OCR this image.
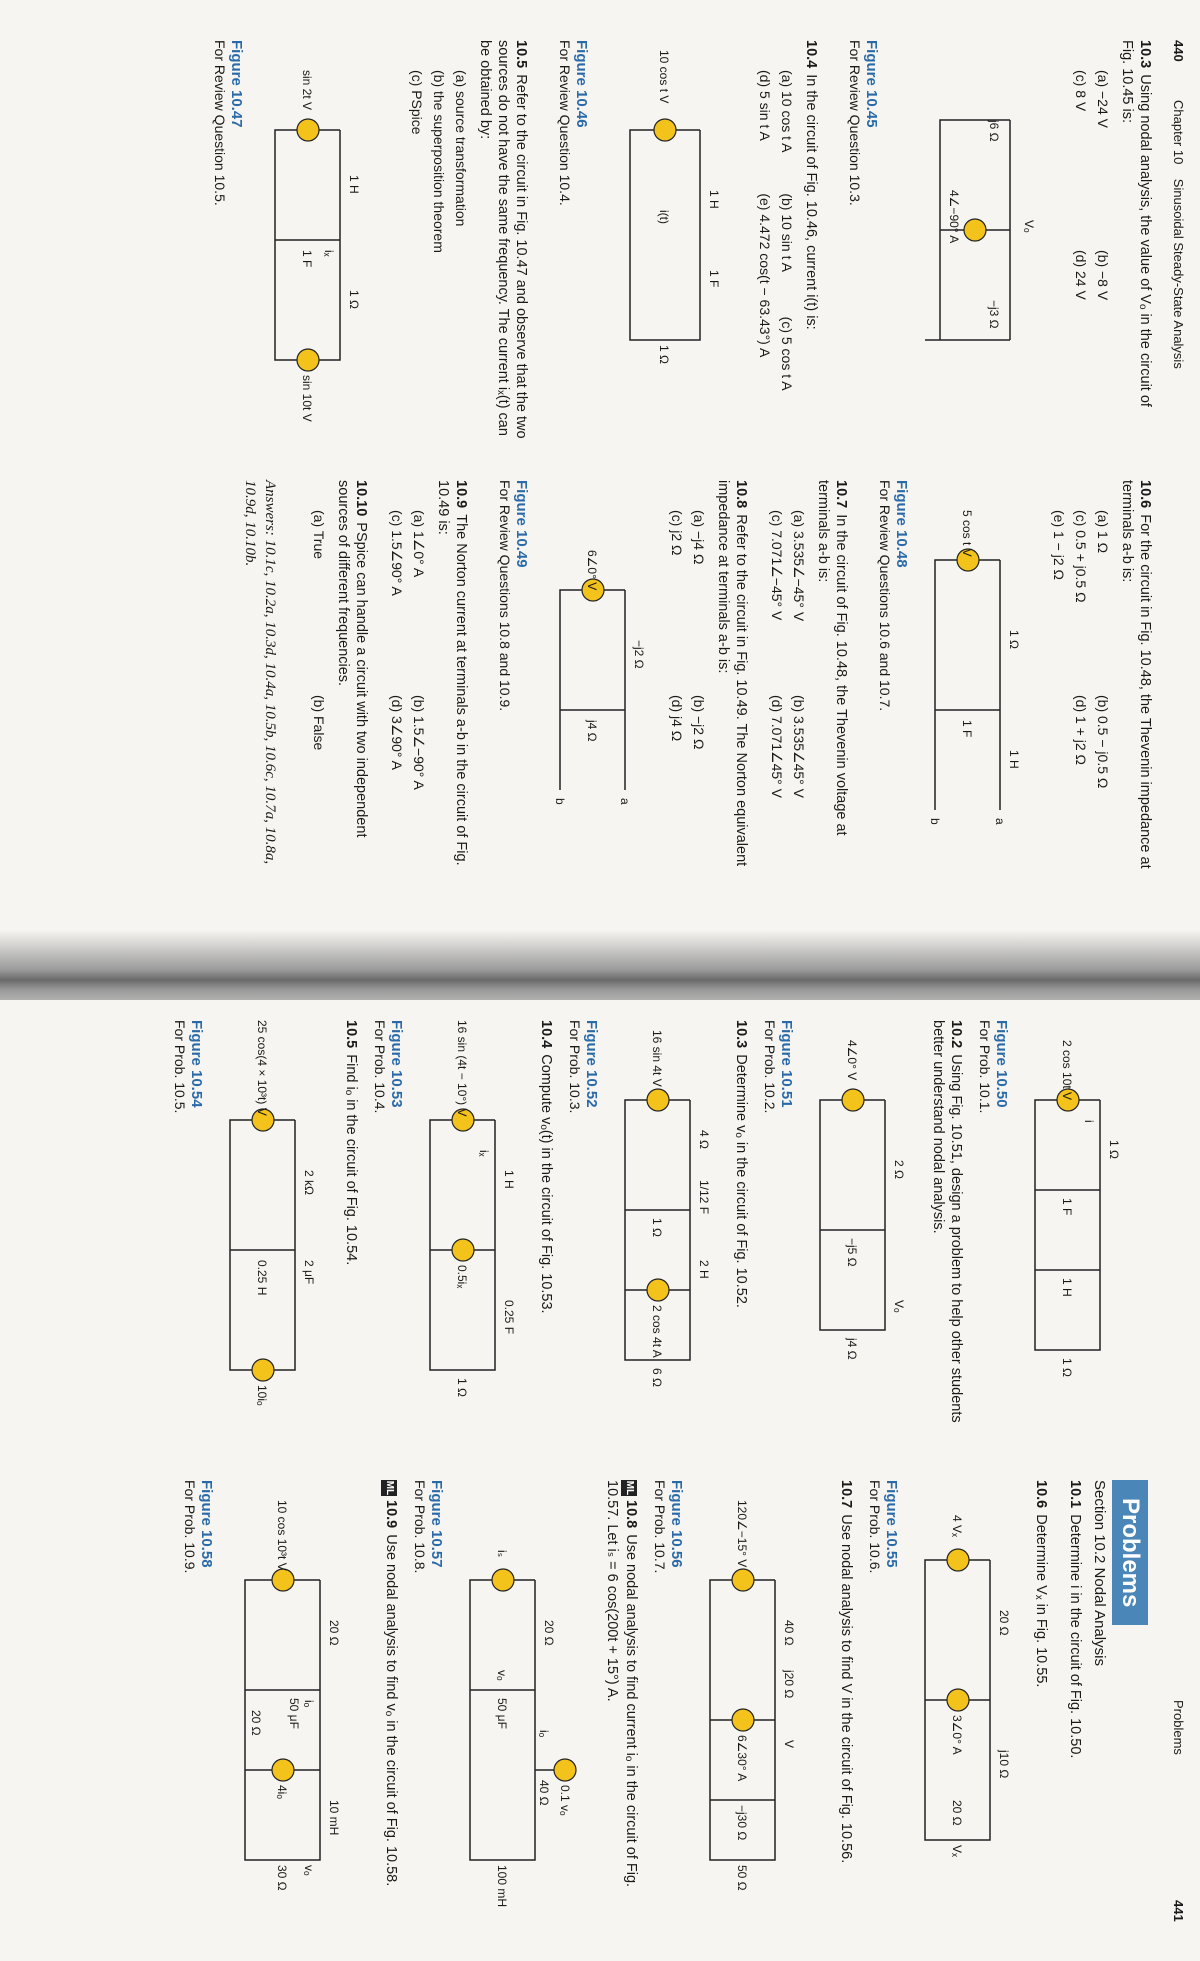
440
Chapter 10    Sinusoidal Steady-State Analysis
10.3Using nodal analysis, the value of Vₒ in the circuit of Fig. 10.45 is:
(a) −24 V
(b) −8 V
(c) 8 V
(d) 24 V
j6 Ω
4∠−90° A
−j3 Ω
Vₒ
Figure 10.45
For Review Question 10.3.
10.4In the circuit of Fig. 10.46, current i(t) is:
(a) 10 cos t A
(b) 10 sin t A
(c) 5 cos t A
(d) 5 sin t A
(e) 4.472 cos(t − 63.43°) A
10 cos t V
1 H
1 F
1 Ω
i(t)
Figure 10.46
For Review Question 10.4.
10.5Refer to the circuit in Fig. 10.47 and observe that the two sources do not have the same frequency. The current iₓ(t) can be obtained by:
(a) source transformation
(b) the superposition theorem
(c) PSpice
sin 2t V
sin 10t V
1 H
1 Ω
1 F iₓ
Figure 10.47
For Review Question 10.5.
10.6For the circuit in Fig. 10.48, the Thevenin impedance at terminals a-b is:
(a) 1 Ω
(b) 0.5 − j0.5 Ω
(c) 0.5 + j0.5 Ω
(d) 1 + j2 Ω
(e) 1 − j2 Ω
5 cos t V
1 Ω
1 H
1 F
a
b
Figure 10.48
For Review Questions 10.6 and 10.7.
10.7In the circuit of Fig. 10.48, the Thevenin voltage at terminals a-b is:
(a) 3.535∠−45° V
(b) 3.535∠45° V
(c) 7.071∠−45° V
(d) 7.071∠45° V
10.8Refer to the circuit in Fig. 10.49. The Norton equivalent impedance at terminals a-b is:
(a) −j4 Ω
(b) −j2 Ω
(c) j2 Ω
(d) j4 Ω
6∠0° V
−j2 Ω
j4 Ω
a
b
Figure 10.49
For Review Questions 10.8 and 10.9.
10.9The Norton current at terminals a-b in the circuit of Fig. 10.49 is:
(a) 1∠0° A
(b) 1.5∠−90° A
(c) 1.5∠90° A
(d) 3∠90° A
10.10PSpice can handle a circuit with two independent sources of different frequencies.
(a) True
(b) False
Answers: 10.1c, 10.2a, 10.3d, 10.4a, 10.5b, 10.6c, 10.7a, 10.8a, 10.9d, 10.10b.
Problems
441
2 cos 10t V
1 Ω
1 F
1 H
1 Ω
i
Figure 10.50
For Prob. 10.1.
10.2Using Fig. 10.51, design a problem to help other students better understand nodal analysis.
4∠0° V
2 Ω
−j5 Ω
j4 Ω
Vₒ
Figure 10.51
For Prob. 10.2.
10.3Determine vₒ in the circuit of Fig. 10.52.
16 sin 4t V
4 Ω
1/12 F
2 H
1 Ω
2 cos 4t A
6 Ω
Figure 10.52
For Prob. 10.3.
10.4Compute vₒ(t) in the circuit of Fig. 10.53.
16 sin (4t − 10°) V
1 H
0.25 F
0.5iₓ
1 Ω
iₓ
Figure 10.53
For Prob. 10.4.
10.5Find iₒ in the circuit of Fig. 10.54.
25 cos(4 × 10³t) V
2 kΩ
2 μF
0.25 H
10iₒ
Figure 10.54
For Prob. 10.5.
Problems
Section 10.2 Nodal Analysis
10.1Determine i in the circuit of Fig. 10.50.
10.6Determine Vₓ in Fig. 10.55.
4 Vₓ
20 Ω
j10 Ω
3∠0° A
20 Ω
Vₓ
Figure 10.55
For Prob. 10.6.
10.7Use nodal analysis to find V in the circuit of Fig. 10.56.
120∠−15° V
40 Ω
j20 Ω
6∠30° A
−j30 Ω
50 Ω
V
Figure 10.56
For Prob. 10.7.
ML10.8Use nodal analysis to find current iₒ in the circuit of Fig. 10.57. Let iₛ = 6 cos(200t + 15°) A.
iₛ
20 Ω
50 μF
40 Ω 0.1 vₒ
100 mH
vₒ
iₒ
Figure 10.57
For Prob. 10.8.
ML10.9Use nodal analysis to find vₒ in the circuit of Fig. 10.58.
10 cos 10³t V
20 Ω
50 μF
20 Ω
4iₒ
10 mH
30 Ω vₒ
iₒ
Figure 10.58
For Prob. 10.9.
